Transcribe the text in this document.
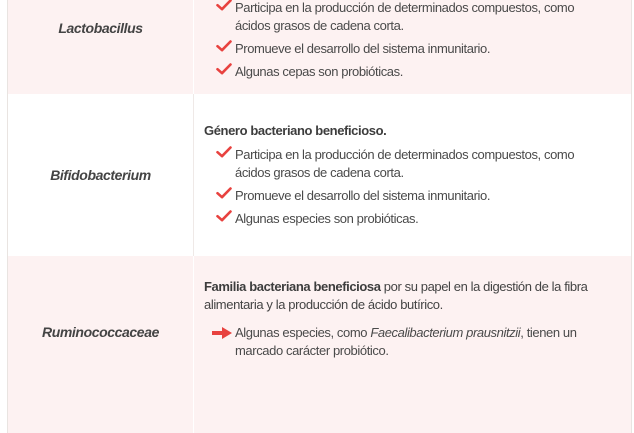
Lactobacillus
Participa en la producción de determinados compuestos, como ácidos grasos de cadena corta.
Promueve el desarrollo del sistema inmunitario.
Algunas cepas son probióticas.
Bifidobacterium
Género bacteriano beneficioso.
Participa en la producción de determinados compuestos, como ácidos grasos de cadena corta.
Promueve el desarrollo del sistema inmunitario.
Algunas especies son probióticas.
Ruminococcaceae
Familia bacteriana beneficiosa por su papel en la digestión de la fibra alimentaria y la producción de ácido butírico.
Algunas especies, como Faecalibacterium prausnitzii, tienen un marcado carácter probiótico.
